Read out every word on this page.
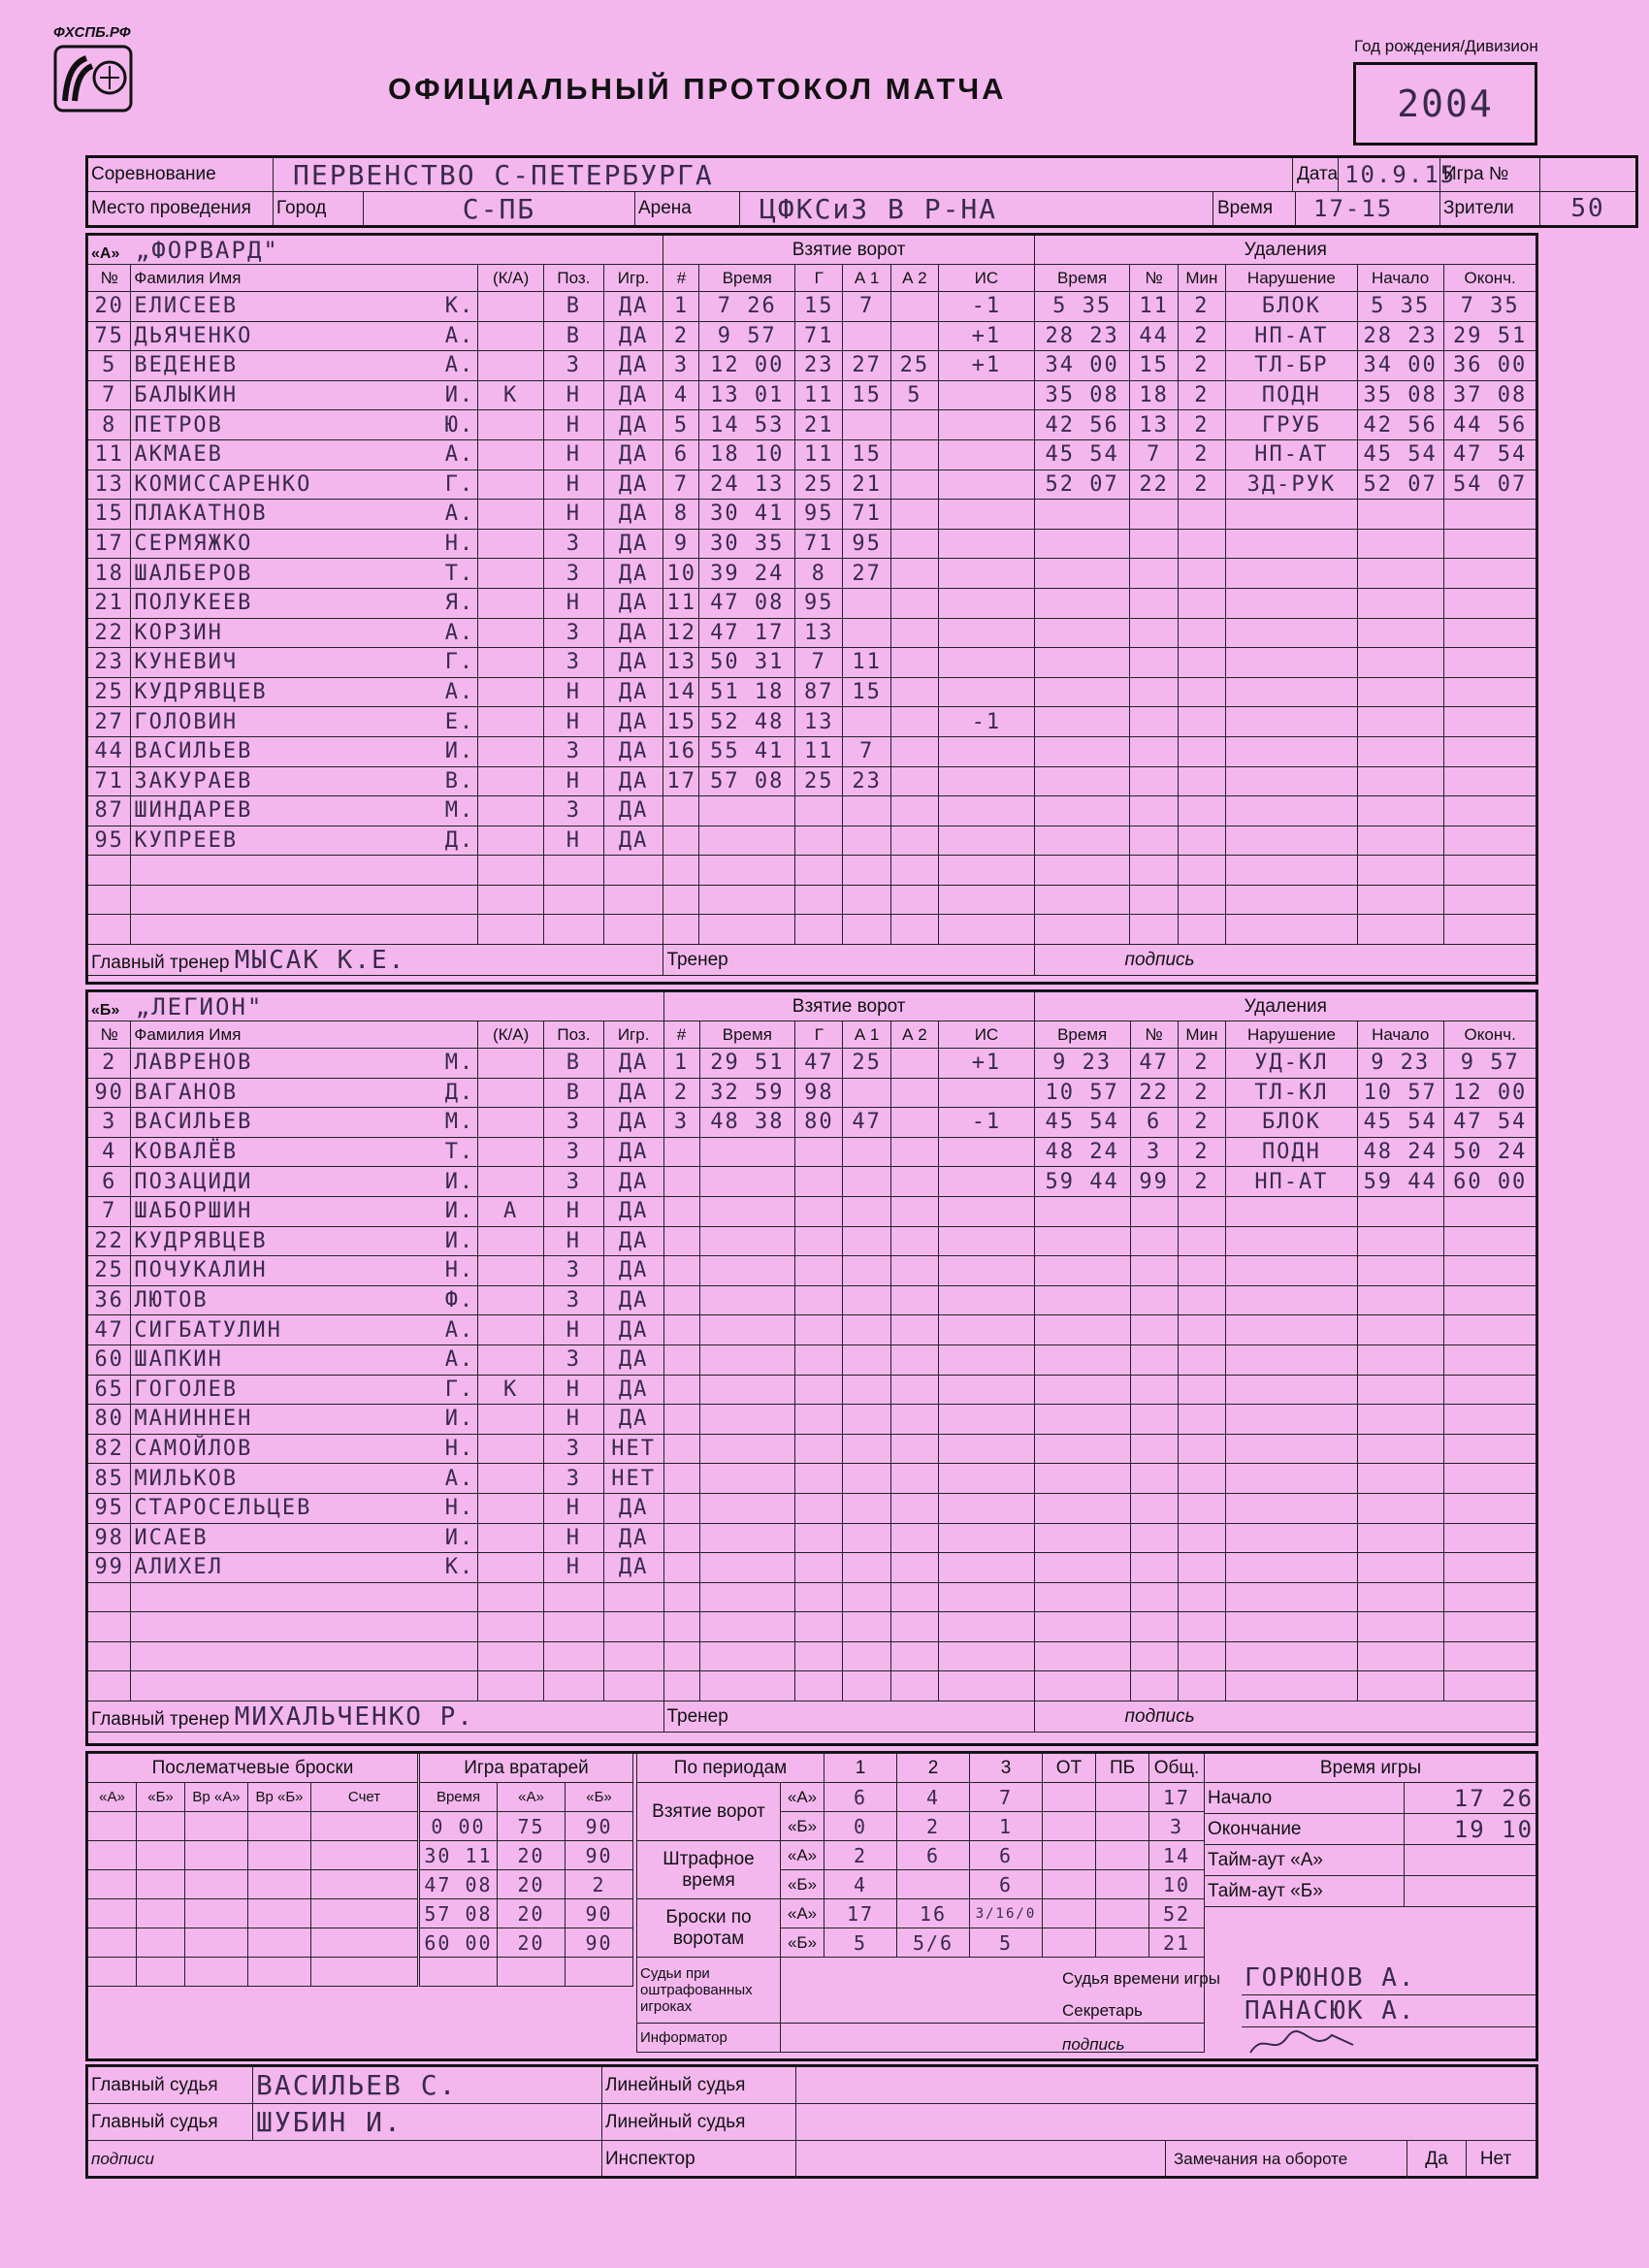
ФХСПБ.РФ
ОФИЦИАЛЬНЫЙ ПРОТОКОЛ МАТЧА
Год рождения/Дивизион
2004
Соревнование	ПЕРВЕНСТВО С-ПЕТЕРБУРГА					Дата 10.9.15	Игра №	
Место проведения	Город	С-ПБ	Арена	ЦФКСиЗ В Р-НА	Время 17-15		Зрители	50
«А» „ФОРВАРД"					Взятие ворот						Удаления					
№	Фамилия Имя	(К/А)	Поз.	Игр.	#	Время	Г	А 1	А 2	ИС	Время	№	Мин	Нарушение	Начало	Оконч.
20	ЕЛИСЕЕВ К.		В	ДА	1	7 26	15	7		-1	5 35	11	2	БЛОК	5 35	7 35
75	ДЬЯЧЕНКО А.		В	ДА	2	9 57	71			+1	28 23	44	2	НП-АТ	28 23	29 51
5	ВЕДЕНЕВ А.		З	ДА	3	12 00	23	27	25	+1	34 00	15	2	ТЛ-БР	34 00	36 00
7	БАЛЫКИН И.	К	Н	ДА	4	13 01	11	15	5		35 08	18	2	ПОДН	35 08	37 08
8	ПЕТРОВ Ю.		Н	ДА	5	14 53	21				42 56	13	2	ГРУБ	42 56	44 56
11	АКМАЕВ А.		Н	ДА	6	18 10	11	15			45 54	7	2	НП-АТ	45 54	47 54
13	КОМИССАРЕНКО Г.		Н	ДА	7	24 13	25	21			52 07	22	2	ЗД-РУК	52 07	54 07
15	ПЛАКАТНОВ А.		Н	ДА	8	30 41	95	71								
17	СЕРМЯЖКО Н.		З	ДА	9	30 35	71	95								
18	ШАЛБЕРОВ Т.		З	ДА	10	39 24	8	27								
21	ПОЛУКЕЕВ Я.		Н	ДА	11	47 08	95									
22	КОРЗИН А.		З	ДА	12	47 17	13									
23	КУНЕВИЧ Г.		З	ДА	13	50 31	7	11								
25	КУДРЯВЦЕВ А.		Н	ДА	14	51 18	87	15								
27	ГОЛОВИН Е.		Н	ДА	15	52 48	13			-1						
44	ВАСИЛЬЕВ И.		З	ДА	16	55 41	11	7								
71	ЗАКУРАЕВ В.		Н	ДА	17	57 08	25	23								
87	ШИНДАРЕВ М.		З	ДА												
95	КУПРЕЕВ Д.		Н	ДА												

Главный тренер МЫСАК К.Е.					Тренер						подпись					
«Б» „ЛЕГИОН"					Взятие ворот						Удаления					
№	Фамилия Имя	(К/А)	Поз.	Игр.	#	Время	Г	А 1	А 2	ИС	Время	№	Мин	Нарушение	Начало	Оконч.
2	ЛАВРЕНОВ М.		В	ДА	1	29 51	47	25		+1	9 23	47	2	УД-КЛ	9 23	9 57
90	ВАГАНОВ Д.		В	ДА	2	32 59	98				10 57	22	2	ТЛ-КЛ	10 57	12 00
3	ВАСИЛЬЕВ М.		З	ДА	3	48 38	80	47		-1	45 54	6	2	БЛОК	45 54	47 54
4	КОВАЛЁВ Т.		З	ДА							48 24	3	2	ПОДН	48 24	50 24
6	ПОЗАЦИДИ И.		З	ДА							59 44	99	2	НП-АТ	59 44	60 00
7	ШАБОРШИН И.	А	Н	ДА												
22	КУДРЯВЦЕВ И.		Н	ДА												
25	ПОЧУКАЛИН Н.		З	ДА												
36	ЛЮТОВ Ф.		З	ДА												
47	СИГБАТУЛИН А.		Н	ДА												
60	ШАПКИН А.		З	ДА												
65	ГОГОЛЕВ Г.	К	Н	ДА												
80	МАНИННЕН И.		Н	ДА												
82	САМОЙЛОВ Н.		З	НЕТ												
85	МИЛЬКОВ А.		З	НЕТ												
95	СТАРОСЕЛЬЦЕВ Н.		Н	ДА												
98	ИСАЕВ И.		Н	ДА												
99	АЛИХЕЛ К.		Н	ДА												

Главный тренер МИХАЛЬЧЕНКО Р.					Тренер						подпись					
Послематчевые броски				
«А»	«Б»	Вр «А»	Вр «Б»	Счет

Игра вратарей		
Время	«А»	«Б»
0 00	75	90
30 11	20	90
47 08	20	2
57 08	20	90
60 00	20	90

По периодам		1	2	3	ОТ	ПБ	Общ.
Взятие ворот	«А»	6	4	7			17
	«Б»	0	2	1			3
Штрафное время	«А»	2	6	6			14
	«Б»	4		6			10
Броски по воротам	«А»	17	16	3/16/0			52
	«Б»	5	5/6	5			21
Судьи при оштрафованных игроках							
Информатор							
Время игры	
Начало	17 26
Окончание	19 10
Тайм-аут «А»	
Тайм-аут «Б»	
Судья времени игры	ГОРЮНОВ А.
Секретарь	ПАНАСЮК А.
подпись	
Главный судья	ВАСИЛЬЕВ С.	Линейный судья	
Главный судья	ШУБИН И.	Линейный судья	
подписи		Инспектор	Замечания на обороте Да Нет
